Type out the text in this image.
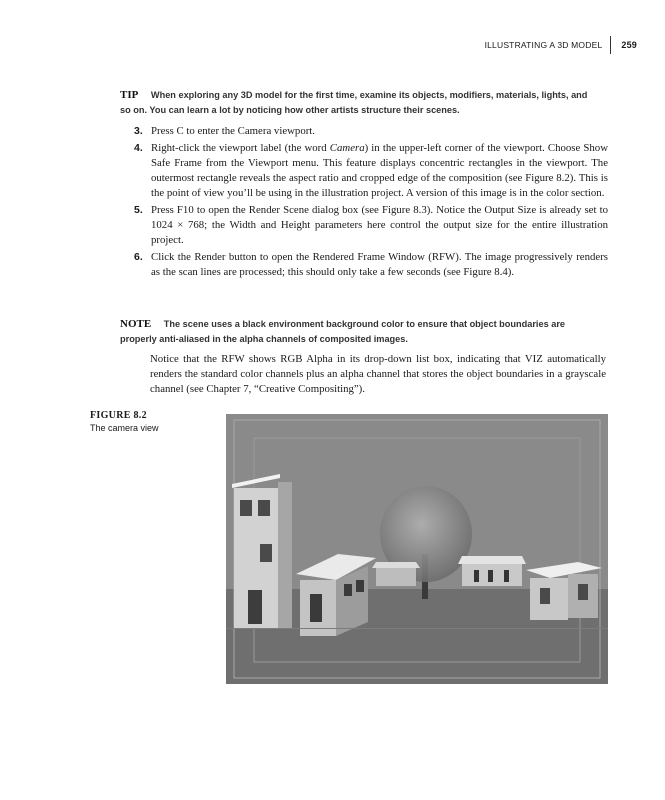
ILLUSTRATING A 3D MODEL 259
TIP When exploring any 3D model for the first time, examine its objects, modifiers, materials, lights, and so on. You can learn a lot by noticing how other artists structure their scenes.
3. Press C to enter the Camera viewport.
4. Right-click the viewport label (the word Camera) in the upper-left corner of the viewport. Choose Show Safe Frame from the Viewport menu. This feature displays concentric rectangles in the viewport. The outermost rectangle reveals the aspect ratio and cropped edge of the composition (see Figure 8.2). This is the point of view you’ll be using in the illustration project. A version of this image is in the color section.
5. Press F10 to open the Render Scene dialog box (see Figure 8.3). Notice the Output Size is already set to 1024 × 768; the Width and Height parameters here control the output size for the entire illustration project.
6. Click the Render button to open the Rendered Frame Window (RFW). The image progressively renders as the scan lines are processed; this should only take a few seconds (see Figure 8.4).
NOTE The scene uses a black environment background color to ensure that object boundaries are properly anti-aliased in the alpha channels of composited images.
Notice that the RFW shows RGB Alpha in its drop-down list box, indicating that VIZ automatically renders the standard color channels plus an alpha channel that stores the object boundaries in a grayscale channel (see Chapter 7, “Creative Compositing”).
FIGURE 8.2
The camera view
